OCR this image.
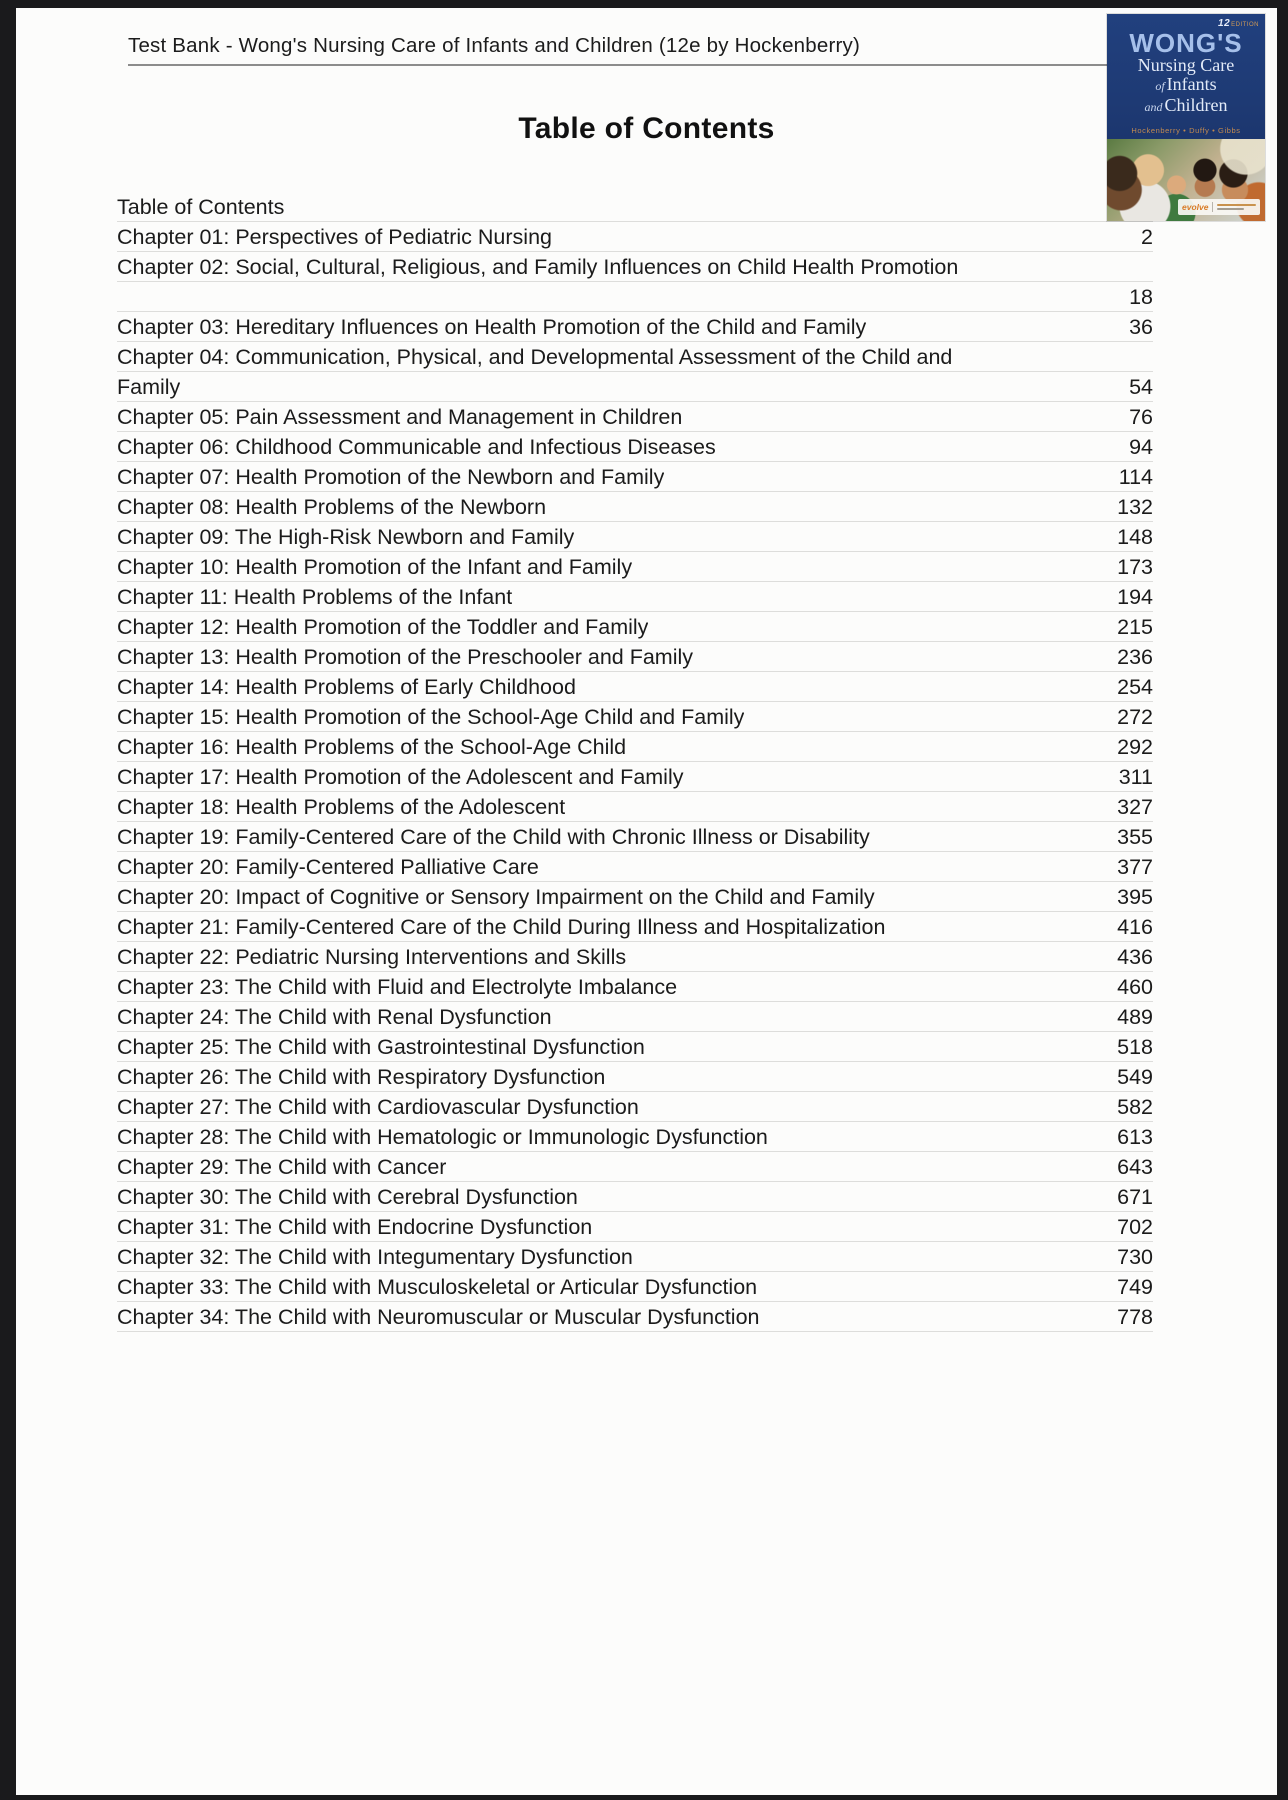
Test Bank - Wong's Nursing Care of Infants and Children (12e by Hockenberry)
Table of Contents
Table of Contents
Chapter 01: Perspectives of Pediatric Nursing	2
Chapter 02: Social, Cultural, Religious, and Family Influences on Child Health Promotion
18
Chapter 03: Hereditary Influences on Health Promotion of the Child and Family	36
Chapter 04: Communication, Physical, and Developmental Assessment of the Child and
Family	54
Chapter 05: Pain Assessment and Management in Children	76
Chapter 06: Childhood Communicable and Infectious Diseases	94
Chapter 07: Health Promotion of the Newborn and Family	114
Chapter 08: Health Problems of the Newborn	132
Chapter 09: The High-Risk Newborn and Family	148
Chapter 10: Health Promotion of the Infant and Family	173
Chapter 11: Health Problems of the Infant	194
Chapter 12: Health Promotion of the Toddler and Family	215
Chapter 13: Health Promotion of the Preschooler and Family	236
Chapter 14: Health Problems of Early Childhood	254
Chapter 15: Health Promotion of the School-Age Child and Family	272
Chapter 16: Health Problems of the School-Age Child	292
Chapter 17: Health Promotion of the Adolescent and Family	311
Chapter 18: Health Problems of the Adolescent	327
Chapter 19: Family-Centered Care of the Child with Chronic Illness or Disability	355
Chapter 20: Family-Centered Palliative Care	377
Chapter 20: Impact of Cognitive or Sensory Impairment on the Child and Family	395
Chapter 21: Family-Centered Care of the Child During Illness and Hospitalization	416
Chapter 22: Pediatric Nursing Interventions and Skills	436
Chapter 23: The Child with Fluid and Electrolyte Imbalance	460
Chapter 24: The Child with Renal Dysfunction	489
Chapter 25: The Child with Gastrointestinal Dysfunction	518
Chapter 26: The Child with Respiratory Dysfunction	549
Chapter 27: The Child with Cardiovascular Dysfunction	582
Chapter 28: The Child with Hematologic or Immunologic Dysfunction	613
Chapter 29: The Child with Cancer	643
Chapter 30: The Child with Cerebral Dysfunction	671
Chapter 31: The Child with Endocrine Dysfunction	702
Chapter 32: The Child with Integumentary Dysfunction	730
Chapter 33: The Child with Musculoskeletal or Articular Dysfunction	749
Chapter 34: The Child with Neuromuscular or Muscular Dysfunction	778
12EDITION
WONG'S
Nursing Care
of Infants
and Children
Hockenberry • Duffy • Gibbs
evolve
